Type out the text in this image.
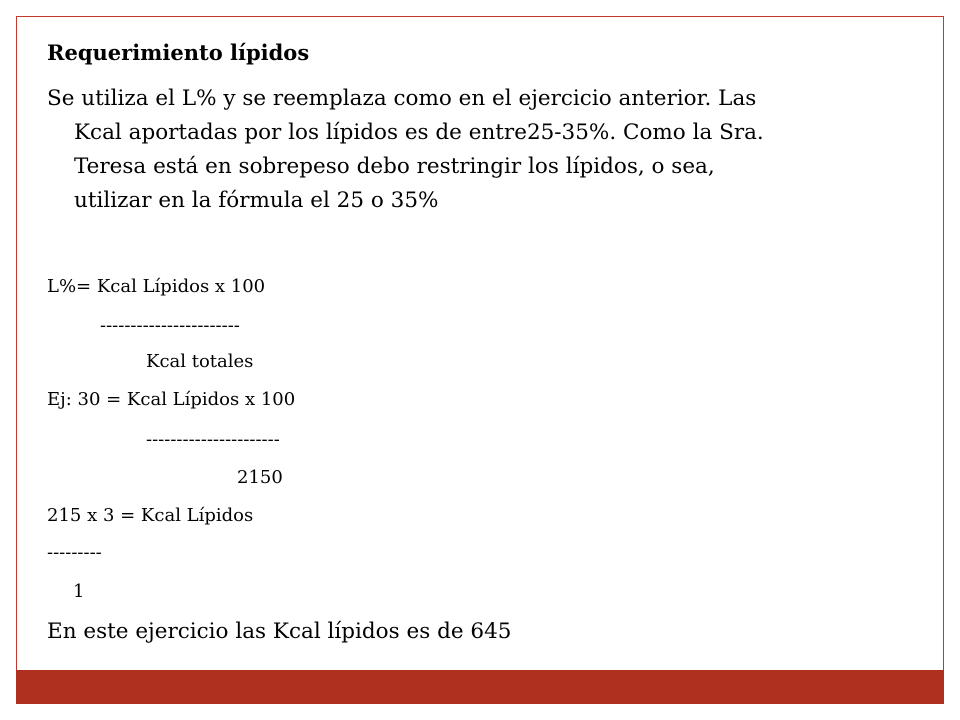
Requerimiento lípidos

Se utiliza el L% y se reemplaza como en el ejercicio anterior. Las
Kcal aportadas por los lípidos es de entre25-35%. Como la Sra.
Teresa está en sobrepeso debo restringir los lípidos, o sea,
utilizar en la fórmula el 25 o 35%

L%= Kcal Lípidos x 100

-----------------------

Kcal totales

Ej: 30 = Kcal Lípidos x 100

----------------------

2150

215 x 3 = Kcal Lípidos

---------

1

En este ejercicio las Kcal lípidos es de 645
